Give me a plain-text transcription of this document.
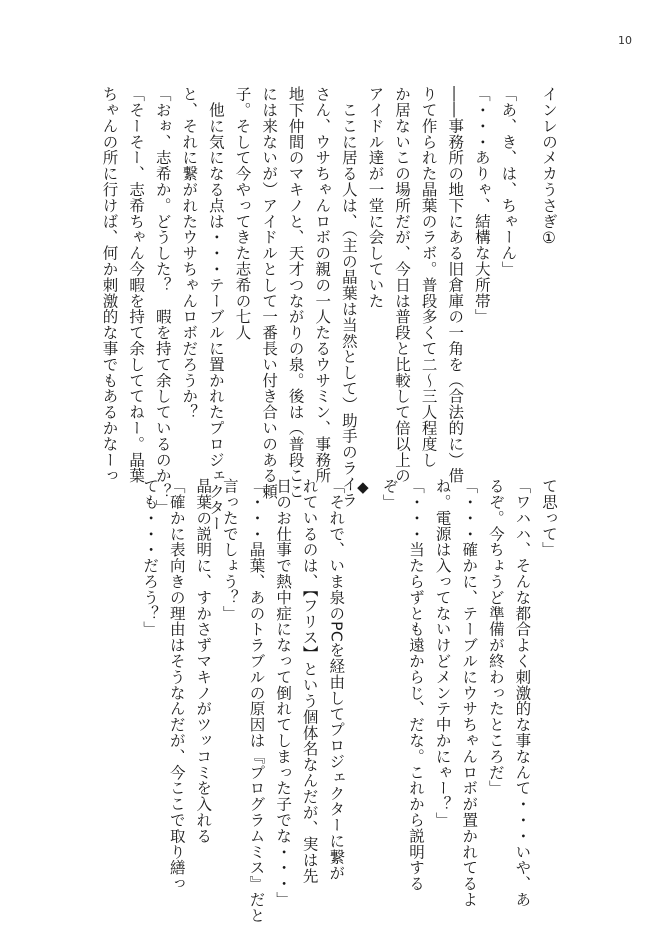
10
インレのメカうさぎ①
「あ、き、は、ちゃーん」
「・・・ありゃ、結構な大所帯」
――事務所の地下にある旧倉庫の一角を（合法的に）借
りて作られた晶葉のラボ。普段多くて二～三人程度し
か居ないこの場所だが、今日は普段と比較して倍以上の
アイドル達が一堂に会していた
　ここに居る人は、（主の晶葉は当然として）助手のライラ
さん、ウサちゃんロボの親の一人たるウサミン、事務所
地下仲間のマキノと、天才つながりの泉。後は（普段ここ
には来ないが）アイドルとして一番長い付き合いのある頼
子。そして今やってきた志希の七人
　他に気になる点は・・・テーブルに置かれたプロジェクター
と、それに繋がれたウサちゃんロボだろうか？
「おぉ、志希か。どうした？　暇を持て余しているのか？」
「そーそー、志希ちゃん今暇を持て余しててねー。晶葉
ちゃんの所に行けば、何か刺激的な事でもあるかなーっ
て思って」
「ワハハ、そんな都合よく刺激的な事なんて・・・いや、あ
るぞ。今ちょうど準備が終わったところだ」
「・・・確かに、テーブルにウサちゃんロボが置かれてるよ
ね。電源は入ってないけどメンテ中かにゃー？」
「・・・当たらずとも遠からじ、だな。これから説明する
ぞ」
◆
「それで、いま泉のPCを経由してプロジェクターに繋が
れているのは、【フリス】という個体名なんだが、実は先
日のお仕事で熱中症になって倒れてしまった子でな・・・」
「・・・晶葉、あのトラブルの原因は『プログラムミス』だと
言ったでしょう？」
晶葉の説明に、すかさずマキノがツッコミを入れる
「確かに表向きの理由はそうなんだが、今ここで取り繕っ
ても・・・だろう？」
